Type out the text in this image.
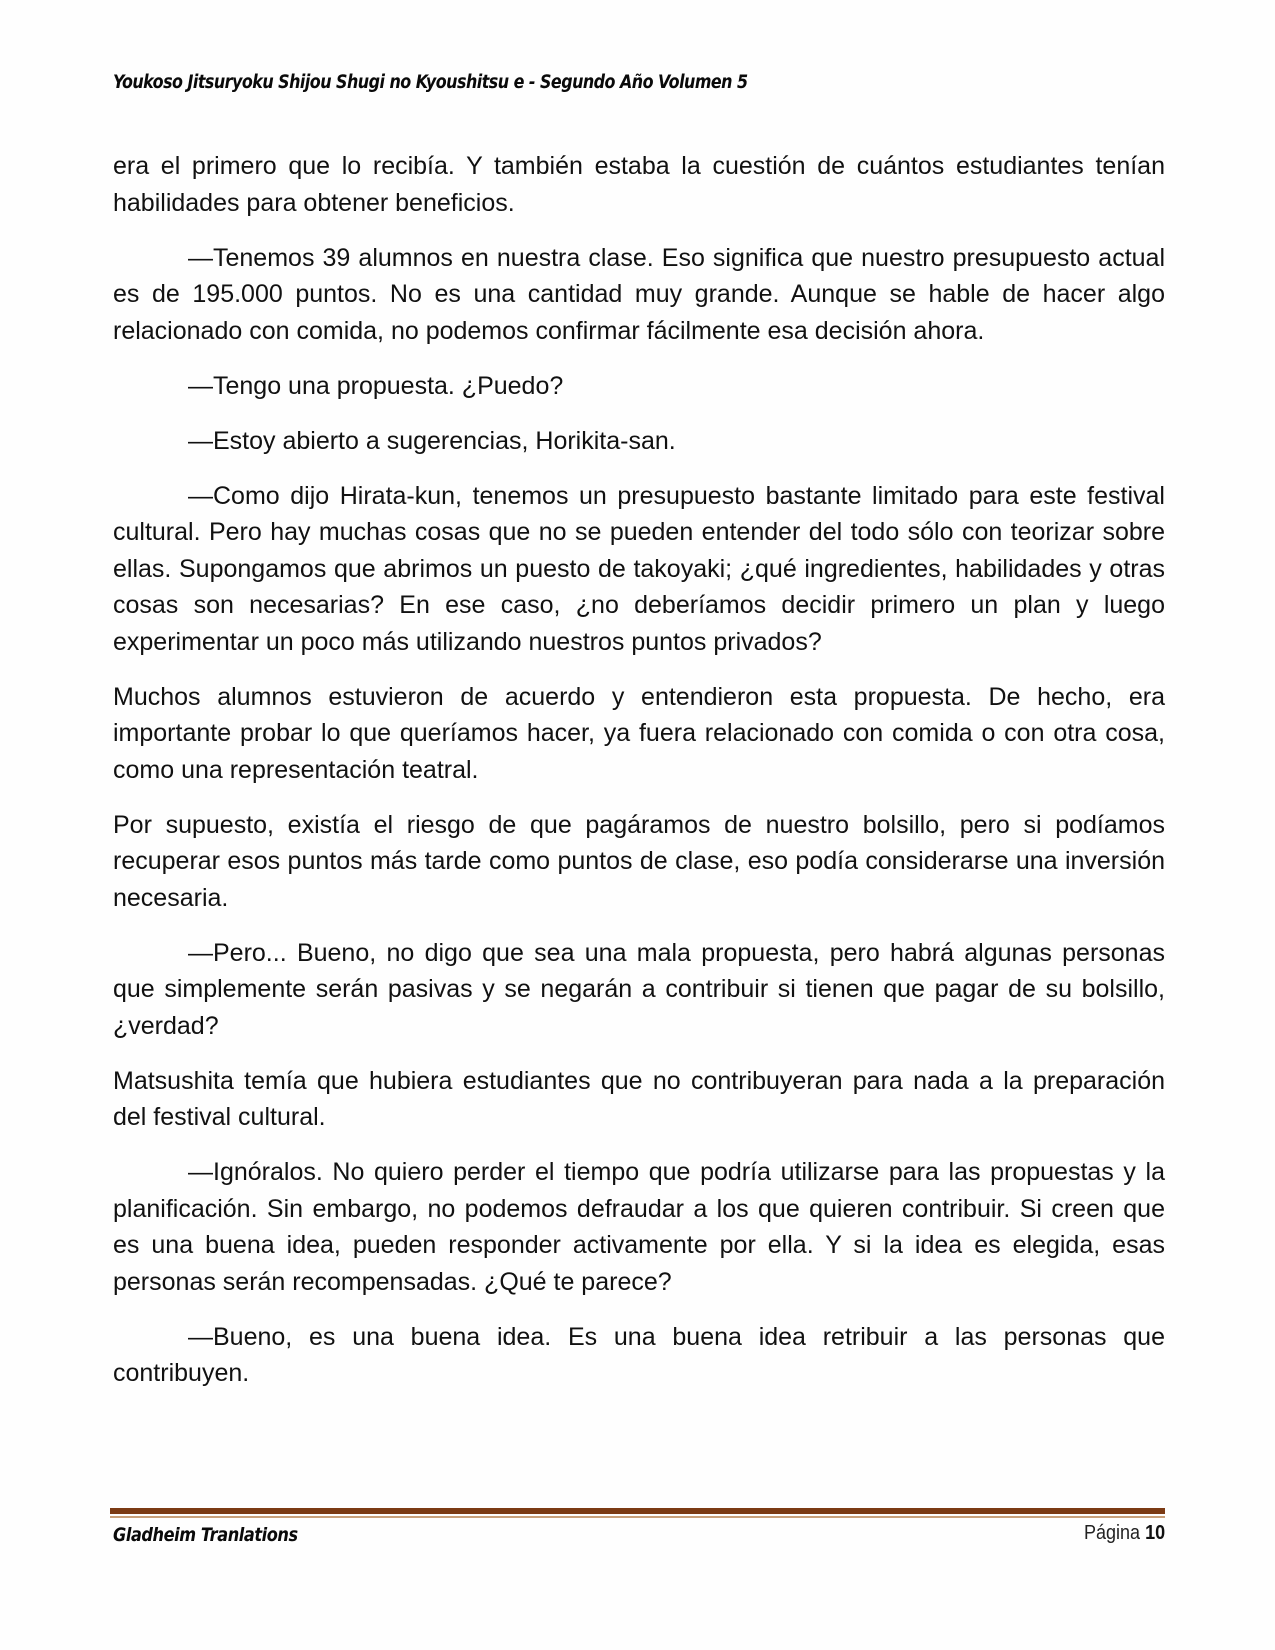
Youkoso Jitsuryoku Shijou Shugi no Kyoushitsu e - Segundo Año Volumen 5

era el primero que lo recibía. Y también estaba la cuestión de cuántos estudiantes tenían habilidades para obtener beneficios.

—Tenemos 39 alumnos en nuestra clase. Eso significa que nuestro presupuesto actual es de 195.000 puntos. No es una cantidad muy grande. Aunque se hable de hacer algo relacionado con comida, no podemos confirmar fácilmente esa decisión ahora.

—Tengo una propuesta. ¿Puedo?

—Estoy abierto a sugerencias, Horikita-san.

—Como dijo Hirata-kun, tenemos un presupuesto bastante limitado para este festival cultural. Pero hay muchas cosas que no se pueden entender del todo sólo con teorizar sobre ellas. Supongamos que abrimos un puesto de takoyaki; ¿qué ingredientes, habilidades y otras cosas son necesarias? En ese caso, ¿no deberíamos decidir primero un plan y luego experimentar un poco más utilizando nuestros puntos privados?

Muchos alumnos estuvieron de acuerdo y entendieron esta propuesta. De hecho, era importante probar lo que queríamos hacer, ya fuera relacionado con comida o con otra cosa, como una representación teatral.

Por supuesto, existía el riesgo de que pagáramos de nuestro bolsillo, pero si podíamos recuperar esos puntos más tarde como puntos de clase, eso podía considerarse una inversión necesaria.

—Pero... Bueno, no digo que sea una mala propuesta, pero habrá algunas personas que simplemente serán pasivas y se negarán a contribuir si tienen que pagar de su bolsillo, ¿verdad?

Matsushita temía que hubiera estudiantes que no contribuyeran para nada a la preparación del festival cultural.

—Ignóralos. No quiero perder el tiempo que podría utilizarse para las propuestas y la planificación. Sin embargo, no podemos defraudar a los que quieren contribuir. Si creen que es una buena idea, pueden responder activamente por ella. Y si la idea es elegida, esas personas serán recompensadas. ¿Qué te parece?

—Bueno, es una buena idea. Es una buena idea retribuir a las personas que contribuyen.

Gladheim Tranlations	Página 10
